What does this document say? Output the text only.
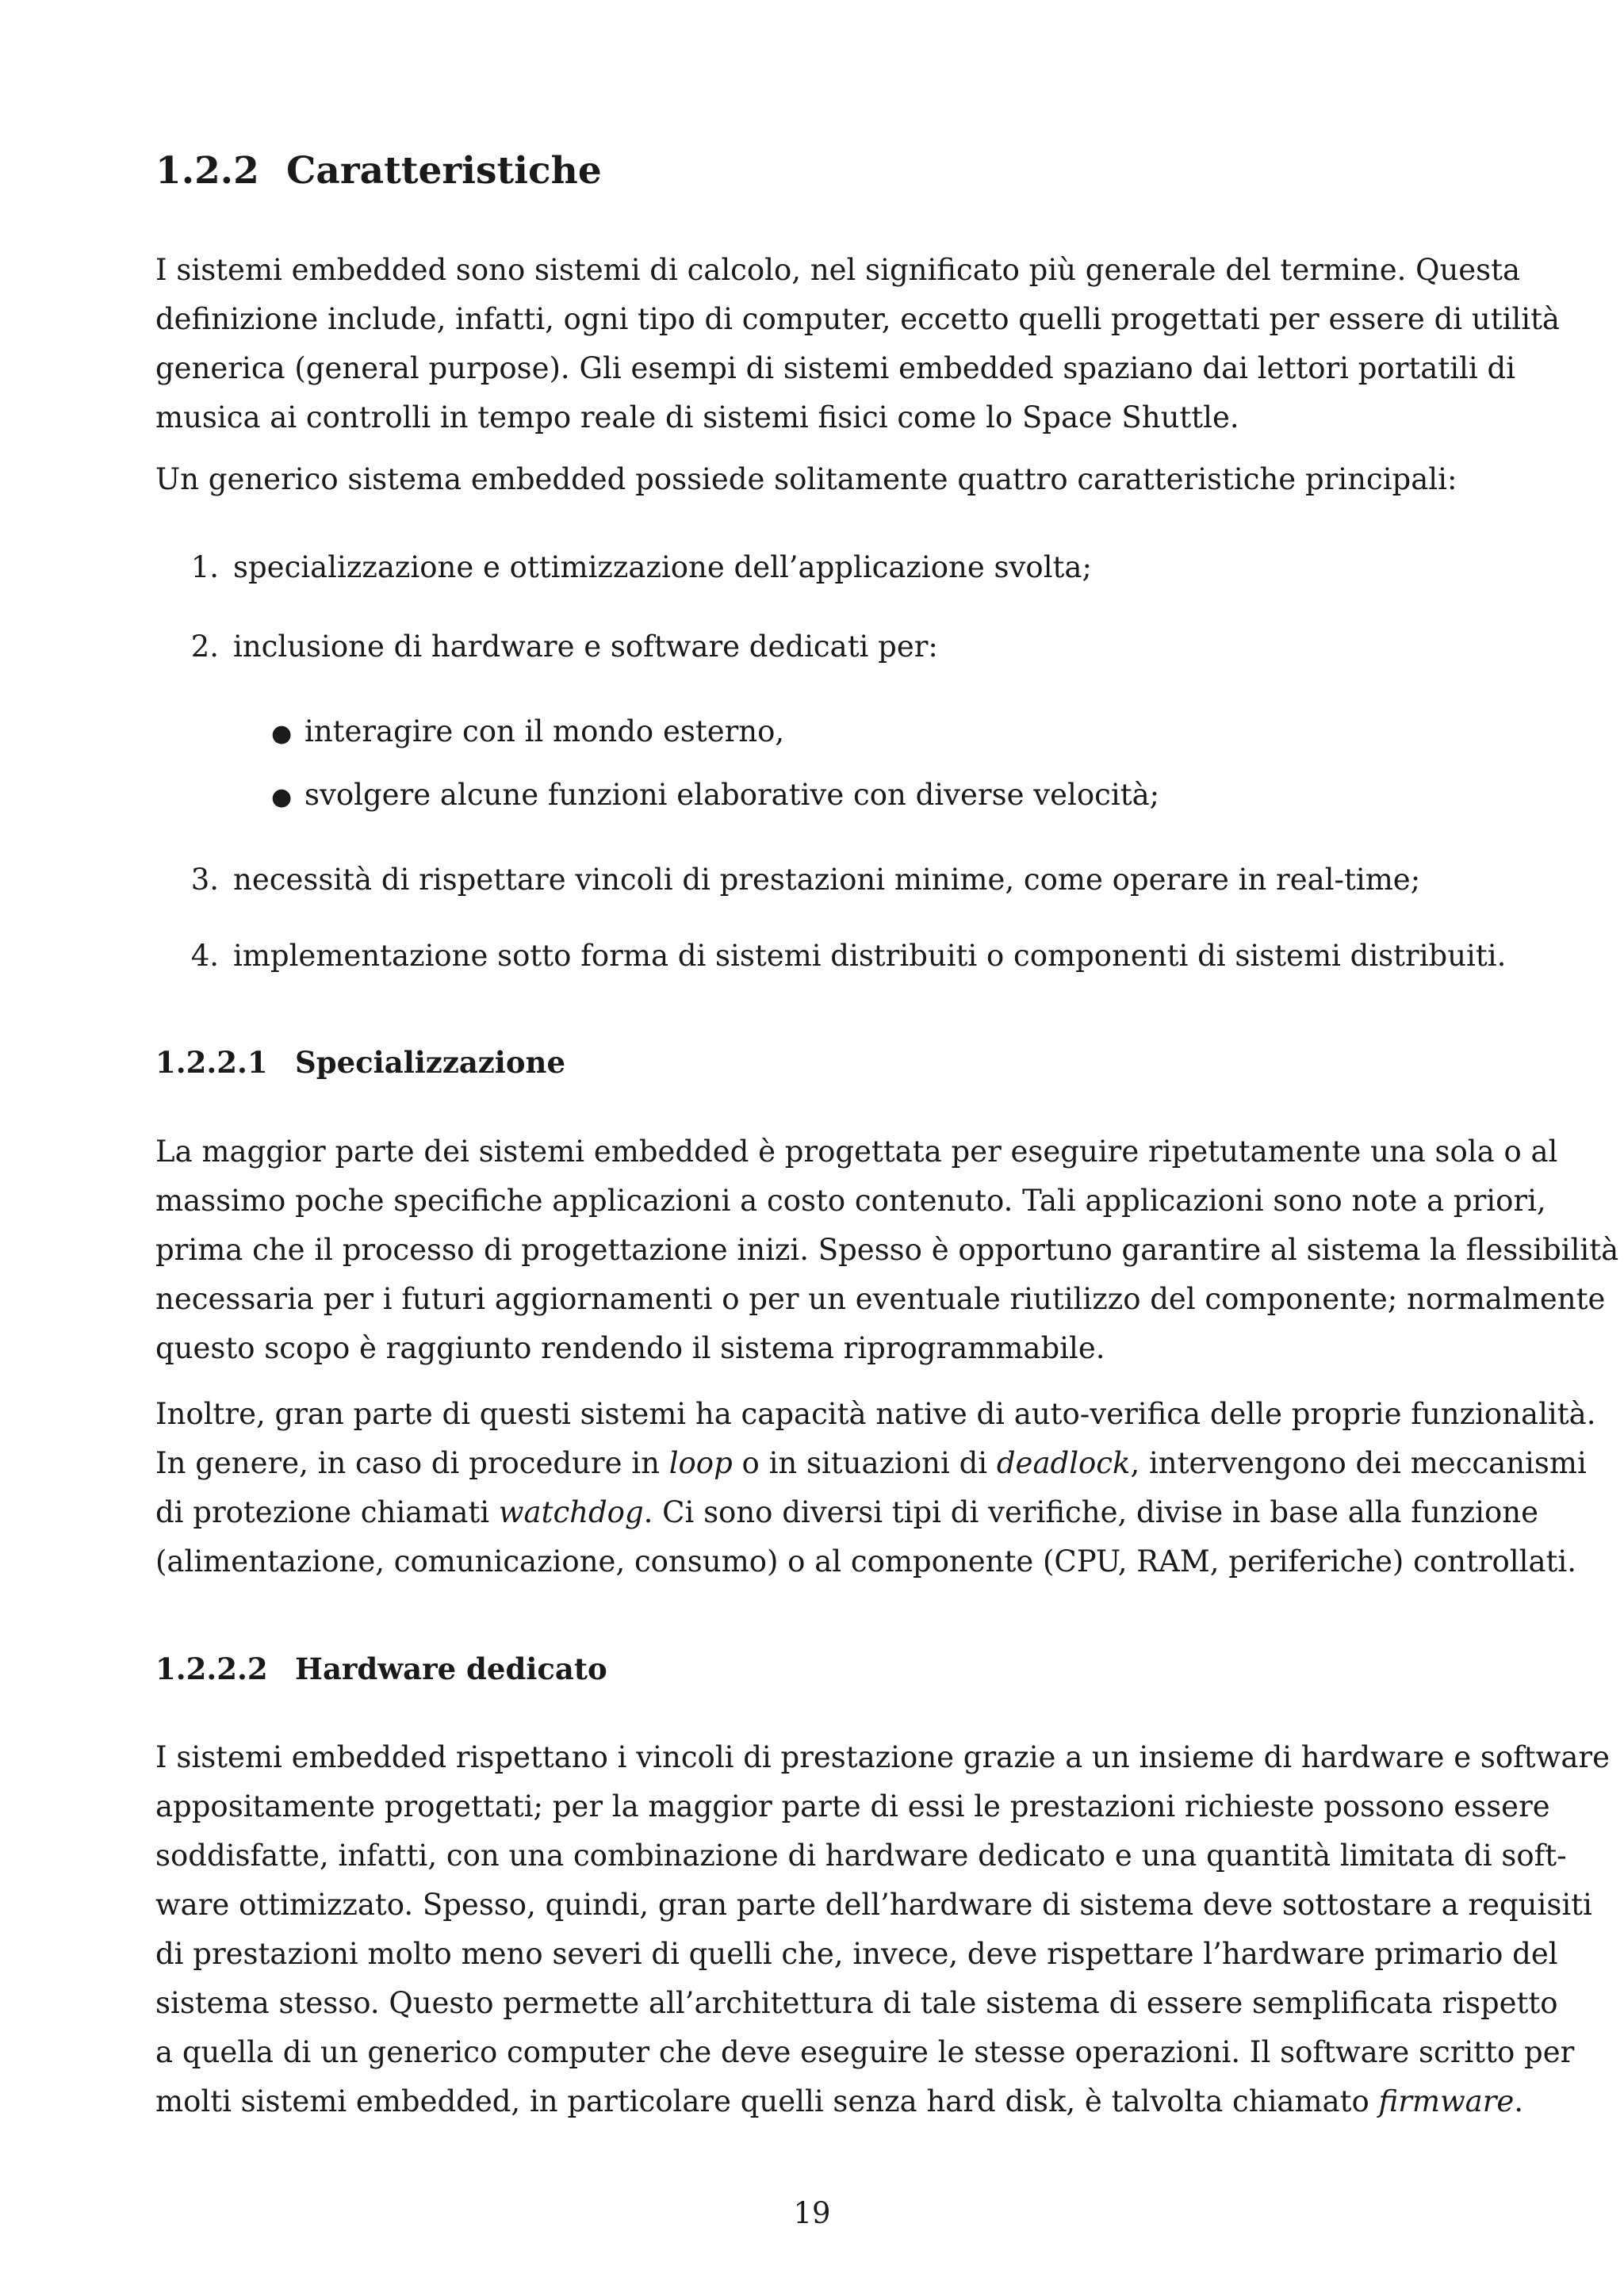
1.2.2 Caratteristiche
I sistemi embedded sono sistemi di calcolo, nel significato più generale del termine. Questa
definizione include, infatti, ogni tipo di computer, eccetto quelli progettati per essere di utilità
generica (general purpose). Gli esempi di sistemi embedded spaziano dai lettori portatili di
musica ai controlli in tempo reale di sistemi fisici come lo Space Shuttle.
Un generico sistema embedded possiede solitamente quattro caratteristiche principali:
1. specializzazione e ottimizzazione dell’applicazione svolta;
2. inclusione di hardware e software dedicati per:
● interagire con il mondo esterno,
● svolgere alcune funzioni elaborative con diverse velocità;
3. necessità di rispettare vincoli di prestazioni minime, come operare in real-time;
4. implementazione sotto forma di sistemi distribuiti o componenti di sistemi distribuiti.
1.2.2.1 Specializzazione
La maggior parte dei sistemi embedded è progettata per eseguire ripetutamente una sola o al
massimo poche specifiche applicazioni a costo contenuto. Tali applicazioni sono note a priori,
prima che il processo di progettazione inizi. Spesso è opportuno garantire al sistema la flessibilità
necessaria per i futuri aggiornamenti o per un eventuale riutilizzo del componente; normalmente
questo scopo è raggiunto rendendo il sistema riprogrammabile.
Inoltre, gran parte di questi sistemi ha capacità native di auto-verifica delle proprie funzionalità.
In genere, in caso di procedure in loop o in situazioni di deadlock, intervengono dei meccanismi
di protezione chiamati watchdog. Ci sono diversi tipi di verifiche, divise in base alla funzione
(alimentazione, comunicazione, consumo) o al componente (CPU, RAM, periferiche) controllati.
1.2.2.2 Hardware dedicato
I sistemi embedded rispettano i vincoli di prestazione grazie a un insieme di hardware e software
appositamente progettati; per la maggior parte di essi le prestazioni richieste possono essere
soddisfatte, infatti, con una combinazione di hardware dedicato e una quantità limitata di soft-
ware ottimizzato. Spesso, quindi, gran parte dell’hardware di sistema deve sottostare a requisiti
di prestazioni molto meno severi di quelli che, invece, deve rispettare l’hardware primario del
sistema stesso. Questo permette all’architettura di tale sistema di essere semplificata rispetto
a quella di un generico computer che deve eseguire le stesse operazioni. Il software scritto per
molti sistemi embedded, in particolare quelli senza hard disk, è talvolta chiamato firmware.
19
